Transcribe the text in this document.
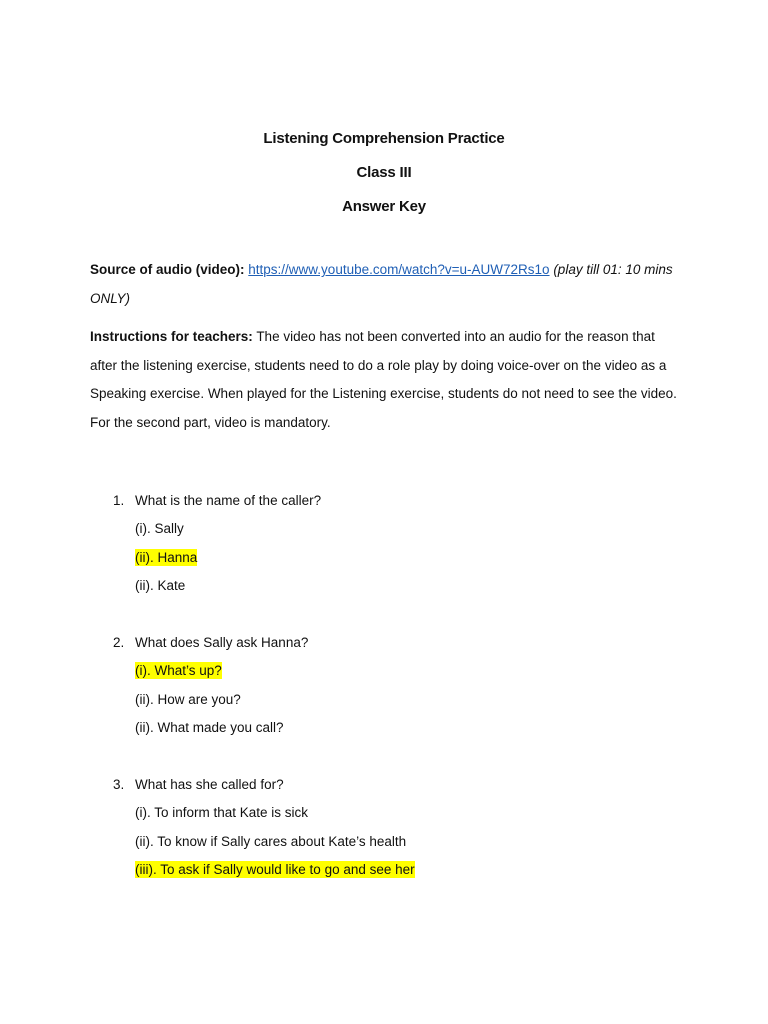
Listening Comprehension Practice
Class III
Answer Key
Source of audio (video): https://www.youtube.com/watch?v=u-AUW72Rs1o (play till 01: 10 mins ONLY)
Instructions for teachers: The video has not been converted into an audio for the reason that after the listening exercise, students need to do a role play by doing voice-over on the video as a Speaking exercise. When played for the Listening exercise, students do not need to see the video. For the second part, video is mandatory.
1. What is the name of the caller?
(i). Sally
(ii). Hanna
(ii). Kate
2. What does Sally ask Hanna?
(i). What’s up?
(ii). How are you?
(ii). What made you call?
3. What has she called for?
(i). To inform that Kate is sick
(ii). To know if Sally cares about Kate’s health
(iii). To ask if Sally would like to go and see her
